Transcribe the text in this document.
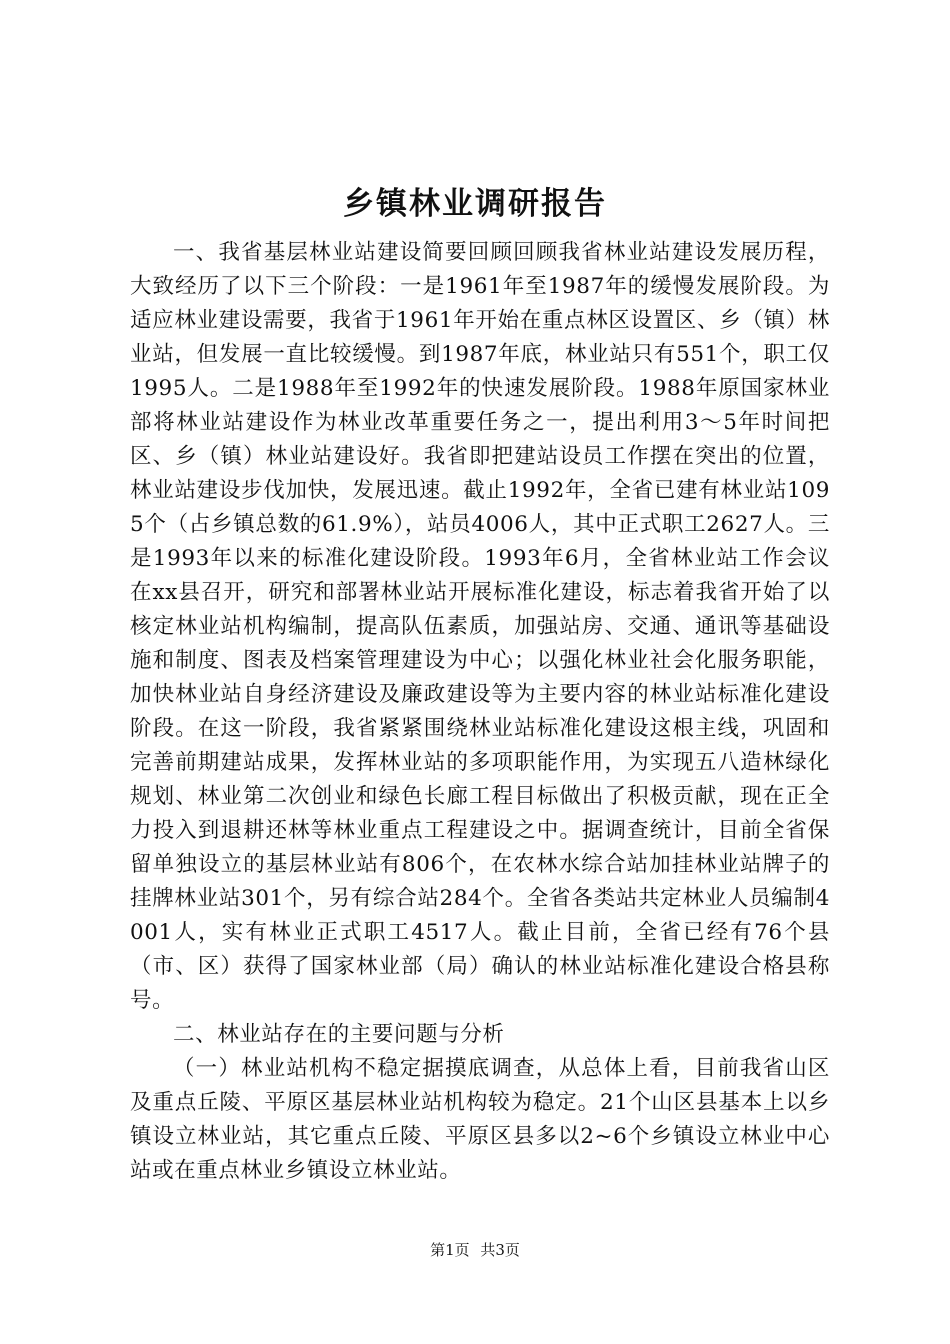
乡镇林业调研报告

一、我省基层林业站建设简要回顾回顾我省林业站建设发展历程，大致经历了以下三个阶段：一是1961年至1987年的缓慢发展阶段。为适应林业建设需要，我省于1961年开始在重点林区设置区、乡（镇）林业站，但发展一直比较缓慢。到1987年底，林业站只有551个，职工仅1995人。二是1988年至1992年的快速发展阶段。1988年原国家林业部将林业站建设作为林业改革重要任务之一，提出利用3～5年时间把区、乡（镇）林业站建设好。我省即把建站设员工作摆在突出的位置，林业站建设步伐加快，发展迅速。截止1992年，全省已建有林业站1095个（占乡镇总数的61.9%），站员4006人，其中正式职工2627人。三是1993年以来的标准化建设阶段。1993年6月，全省林业站工作会议在xx县召开，研究和部署林业站开展标准化建设，标志着我省开始了以核定林业站机构编制，提高队伍素质，加强站房、交通、通讯等基础设施和制度、图表及档案管理建设为中心；以强化林业社会化服务职能，加快林业站自身经济建设及廉政建设等为主要内容的林业站标准化建设阶段。在这一阶段，我省紧紧围绕林业站标准化建设这根主线，巩固和完善前期建站成果，发挥林业站的多项职能作用，为实现五八造林绿化规划、林业第二次创业和绿色长廊工程目标做出了积极贡献，现在正全力投入到退耕还林等林业重点工程建设之中。据调查统计，目前全省保留单独设立的基层林业站有806个，在农林水综合站加挂林业站牌子的挂牌林业站301个，另有综合站284个。全省各类站共定林业人员编制4001人，实有林业正式职工4517人。截止目前，全省已经有76个县（市、区）获得了国家林业部（局）确认的林业站标准化建设合格县称号。

二、林业站存在的主要问题与分析

（一）林业站机构不稳定据摸底调查，从总体上看，目前我省山区及重点丘陵、平原区基层林业站机构较为稳定。21个山区县基本上以乡镇设立林业站，其它重点丘陵、平原区县多以2~6个乡镇设立林业中心站或在重点林业乡镇设立林业站。

第1页 共3页
